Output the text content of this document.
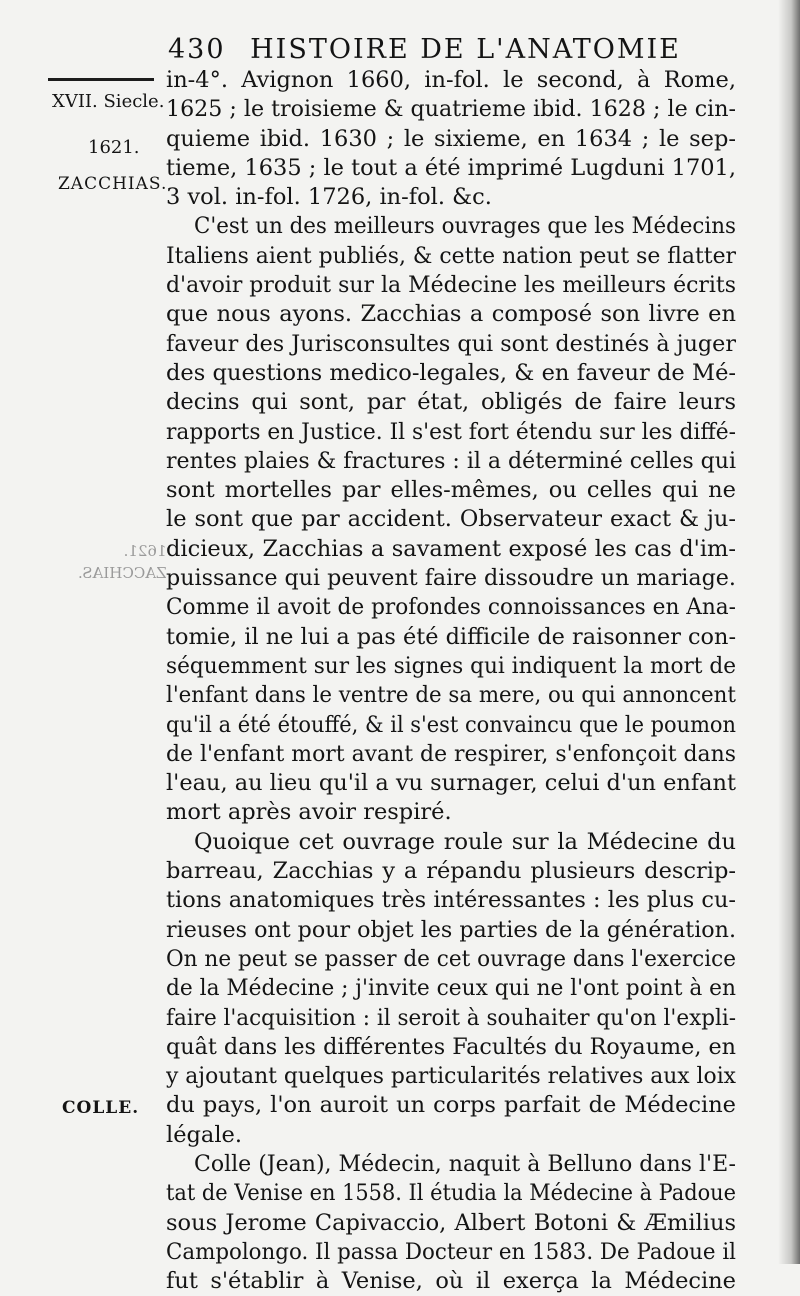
430 HISTOIRE DE L'ANATOMIE
XVII. Siecle.
1621.
ZACCHIAS.
COLLE.
1621.
ZACCHIAS.
in-4°. Avignon 1660, in-fol. le second, à Rome,
1625 ; le troisieme & quatrieme ibid. 1628 ; le cin-
quieme ibid. 1630 ; le sixieme, en 1634 ; le sep-
tieme, 1635 ; le tout a été imprimé Lugduni 1701,
3 vol. in-fol. 1726, in-fol. &c.
C'est un des meilleurs ouvrages que les Médecins
Italiens aient publiés, & cette nation peut se flatter
d'avoir produit sur la Médecine les meilleurs écrits
que nous ayons. Zacchias a composé son livre en
faveur des Jurisconsultes qui sont destinés à juger
des questions medico-legales, & en faveur de Mé-
decins qui sont, par état, obligés de faire leurs
rapports en Justice. Il s'est fort étendu sur les diffé-
rentes plaies & fractures : il a déterminé celles qui
sont mortelles par elles-mêmes, ou celles qui ne
le sont que par accident. Observateur exact & ju-
dicieux, Zacchias a savament exposé les cas d'im-
puissance qui peuvent faire dissoudre un mariage.
Comme il avoit de profondes connoissances en Ana-
tomie, il ne lui a pas été difficile de raisonner con-
séquemment sur les signes qui indiquent la mort de
l'enfant dans le ventre de sa mere, ou qui annoncent
qu'il a été étouffé, & il s'est convaincu que le poumon
de l'enfant mort avant de respirer, s'enfonçoit dans
l'eau, au lieu qu'il a vu surnager, celui d'un enfant
mort après avoir respiré.
Quoique cet ouvrage roule sur la Médecine du
barreau, Zacchias y a répandu plusieurs descrip-
tions anatomiques très intéressantes : les plus cu-
rieuses ont pour objet les parties de la génération.
On ne peut se passer de cet ouvrage dans l'exercice
de la Médecine ; j'invite ceux qui ne l'ont point à en
faire l'acquisition : il seroit à souhaiter qu'on l'expli-
quât dans les différentes Facultés du Royaume, en
y ajoutant quelques particularités relatives aux loix
du pays, l'on auroit un corps parfait de Médecine
légale.
Colle (Jean), Médecin, naquit à Belluno dans l'E-
tat de Venise en 1558. Il étudia la Médecine à Padoue
sous Jerome Capivaccio, Albert Botoni & Æmilius
Campolongo. Il passa Docteur en 1583. De Padoue il
fut s'établir à Venise, où il exerça la Médecine
